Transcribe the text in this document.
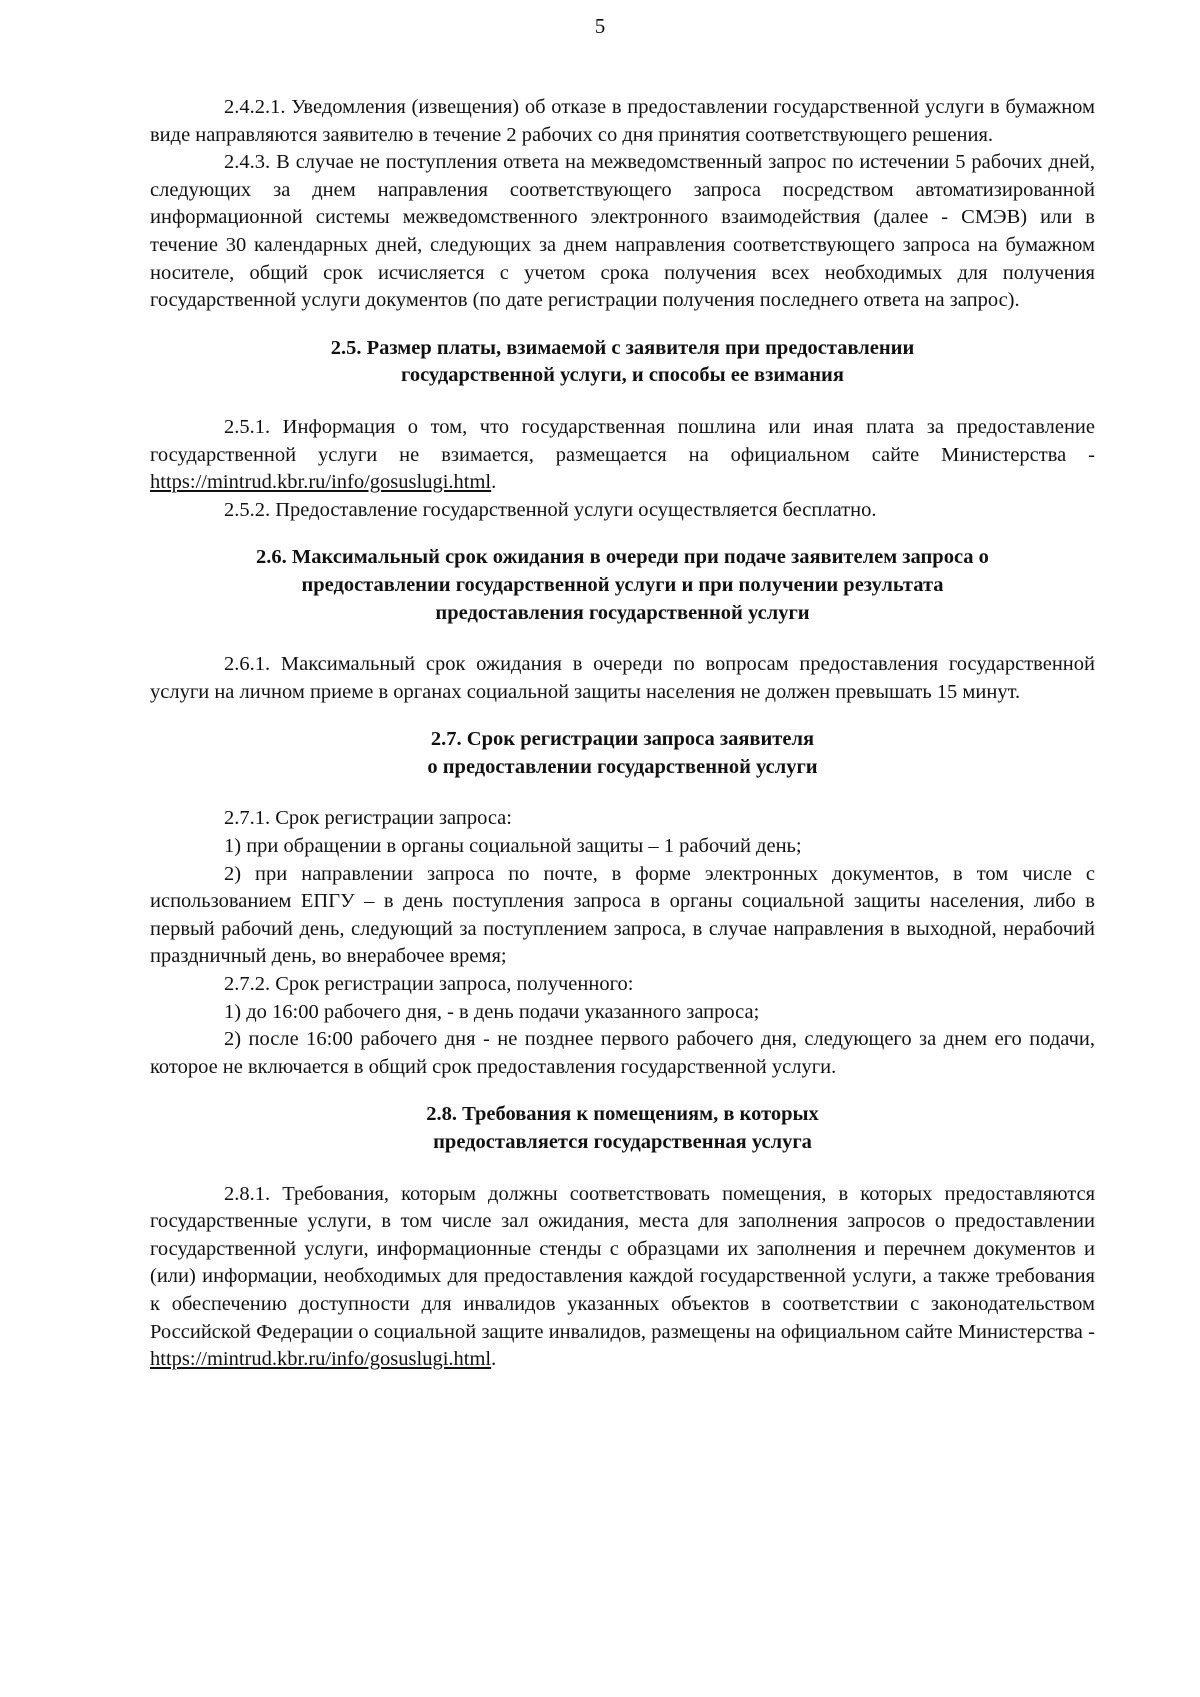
5

2.4.2.1. Уведомления (извещения) об отказе в предоставлении государственной услуги в бумажном виде направляются заявителю в течение 2 рабочих со дня принятия соответствующего решения.

2.4.3. В случае не поступления ответа на межведомственный запрос по истечении 5 рабочих дней, следующих за днем направления соответствующего запроса посредством автоматизированной информационной системы межведомственного электронного взаимодействия (далее - СМЭВ) или в течение 30 календарных дней, следующих за днем направления соответствующего запроса на бумажном носителе, общий срок исчисляется с учетом срока получения всех необходимых для получения государственной услуги документов (по дате регистрации получения последнего ответа на запрос).

2.5. Размер платы, взимаемой с заявителя при предоставлении
государственной услуги, и способы ее взимания

2.5.1. Информация о том, что государственная пошлина или иная плата за предоставление государственной услуги не взимается, размещается на официальном сайте Министерства - https://mintrud.kbr.ru/info/gosuslugi.html.

2.5.2. Предоставление государственной услуги осуществляется бесплатно.

2.6. Максимальный срок ожидания в очереди при подаче заявителем запроса о
предоставлении государственной услуги и при получении результата
предоставления государственной услуги

2.6.1. Максимальный срок ожидания в очереди по вопросам предоставления государственной услуги на личном приеме в органах социальной защиты населения не должен превышать 15 минут.

2.7. Срок регистрации запроса заявителя
о предоставлении государственной услуги

2.7.1. Срок регистрации запроса:

1) при обращении в органы социальной защиты – 1 рабочий день;

2) при направлении запроса по почте, в форме электронных документов, в том числе с использованием ЕПГУ – в день поступления запроса в органы социальной защиты населения, либо в первый рабочий день, следующий за поступлением запроса, в случае направления в выходной, нерабочий праздничный день, во внерабочее время;

2.7.2. Срок регистрации запроса, полученного:

1) до 16:00 рабочего дня, - в день подачи указанного запроса;

2) после 16:00 рабочего дня - не позднее первого рабочего дня, следующего за днем его подачи, которое не включается в общий срок предоставления государственной услуги.

2.8. Требования к помещениям, в которых
предоставляется государственная услуга

2.8.1. Требования, которым должны соответствовать помещения, в которых предоставляются государственные услуги, в том числе зал ожидания, места для заполнения запросов о предоставлении государственной услуги, информационные стенды с образцами их заполнения и перечнем документов и (или) информации, необходимых для предоставления каждой государственной услуги, а также требования к обеспечению доступности для инвалидов указанных объектов в соответствии с законодательством Российской Федерации о социальной защите инвалидов, размещены на официальном сайте Министерства - https://mintrud.kbr.ru/info/gosuslugi.html.
